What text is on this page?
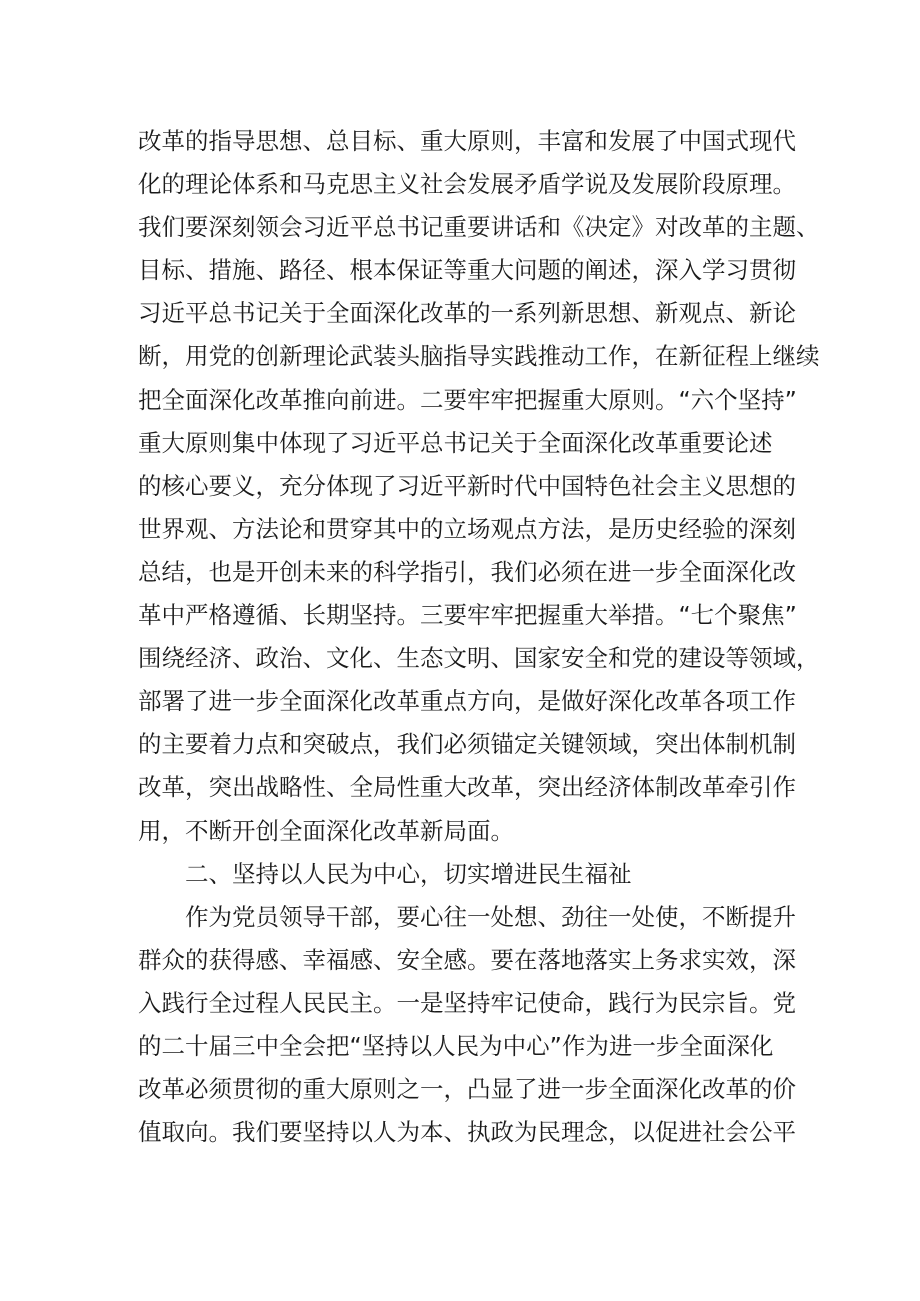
改革的指导思想、总目标、重大原则，丰富和发展了中国式现代
化的理论体系和马克思主义社会发展矛盾学说及发展阶段原理。
我们要深刻领会习近平总书记重要讲话和《决定》对改革的主题、
目标、措施、路径、根本保证等重大问题的阐述，深入学习贯彻
习近平总书记关于全面深化改革的一系列新思想、新观点、新论
断，用党的创新理论武装头脑指导实践推动工作，在新征程上继续
把全面深化改革推向前进。二要牢牢把握重大原则。“六个坚持”
重大原则集中体现了习近平总书记关于全面深化改革重要论述
的核心要义，充分体现了习近平新时代中国特色社会主义思想的
世界观、方法论和贯穿其中的立场观点方法，是历史经验的深刻
总结，也是开创未来的科学指引，我们必须在进一步全面深化改
革中严格遵循、长期坚持。三要牢牢把握重大举措。“七个聚焦”
围绕经济、政治、文化、生态文明、国家安全和党的建设等领域，
部署了进一步全面深化改革重点方向，是做好深化改革各项工作
的主要着力点和突破点，我们必须锚定关键领域，突出体制机制
改革，突出战略性、全局性重大改革，突出经济体制改革牵引作
用，不断开创全面深化改革新局面。
二、坚持以人民为中心，切实增进民生福祉
作为党员领导干部，要心往一处想、劲往一处使，不断提升
群众的获得感、幸福感、安全感。要在落地落实上务求实效，深
入践行全过程人民民主。一是坚持牢记使命，践行为民宗旨。党
的二十届三中全会把“坚持以人民为中心”作为进一步全面深化
改革必须贯彻的重大原则之一，凸显了进一步全面深化改革的价
值取向。我们要坚持以人为本、执政为民理念，以促进社会公平
